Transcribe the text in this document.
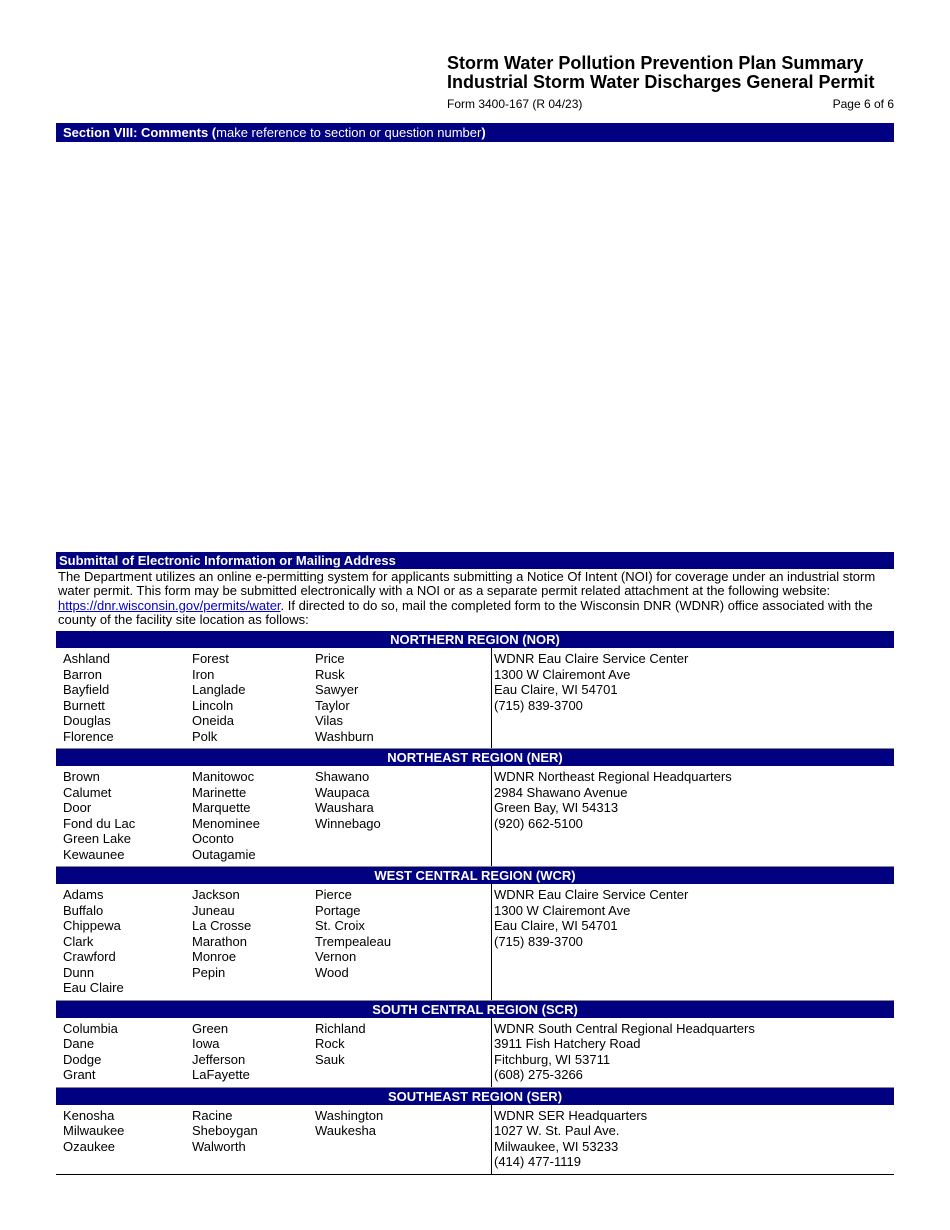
Storm Water Pollution Prevention Plan Summary
Industrial Storm Water Discharges General Permit
Form 3400-167 (R 04/23)	Page 6 of 6
Section VIII: Comments (make reference to section or question number)
Submittal of Electronic Information or Mailing Address
The Department utilizes an online e-permitting system for applicants submitting a Notice Of Intent (NOI) for coverage under an industrial storm water permit. This form may be submitted electronically with a NOI or as a separate permit related attachment at the following website: https://dnr.wisconsin.gov/permits/water. If directed to do so, mail the completed form to the Wisconsin DNR (WDNR) office associated with the county of the facility site location as follows:
NORTHERN REGION (NOR)
Ashland
Barron
Bayfield
Burnett
Douglas
Florence
Forest
Iron
Langlade
Lincoln
Oneida
Polk
Price
Rusk
Sawyer
Taylor
Vilas
Washburn
WDNR Eau Claire Service Center
1300 W Clairemont Ave
Eau Claire, WI 54701
(715) 839-3700
NORTHEAST REGION (NER)
Brown
Calumet
Door
Fond du Lac
Green Lake
Kewaunee
Manitowoc
Marinette
Marquette
Menominee
Oconto
Outagamie
Shawano
Waupaca
Waushara
Winnebago
WDNR Northeast Regional Headquarters
2984 Shawano Avenue
Green Bay, WI 54313
(920) 662-5100
WEST CENTRAL REGION (WCR)
Adams
Buffalo
Chippewa
Clark
Crawford
Dunn
Eau Claire
Jackson
Juneau
La Crosse
Marathon
Monroe
Pepin
Pierce
Portage
St. Croix
Trempealeau
Vernon
Wood
WDNR Eau Claire Service Center
1300 W Clairemont Ave
Eau Claire, WI 54701
(715) 839-3700
SOUTH CENTRAL REGION (SCR)
Columbia
Dane
Dodge
Grant
Green
Iowa
Jefferson
LaFayette
Richland
Rock
Sauk
WDNR South Central Regional Headquarters
3911 Fish Hatchery Road
Fitchburg, WI 53711
(608) 275-3266
SOUTHEAST REGION (SER)
Kenosha
Milwaukee
Ozaukee
Racine
Sheboygan
Walworth
Washington
Waukesha
WDNR SER Headquarters
1027 W. St. Paul Ave.
Milwaukee, WI 53233
(414) 477-1119
